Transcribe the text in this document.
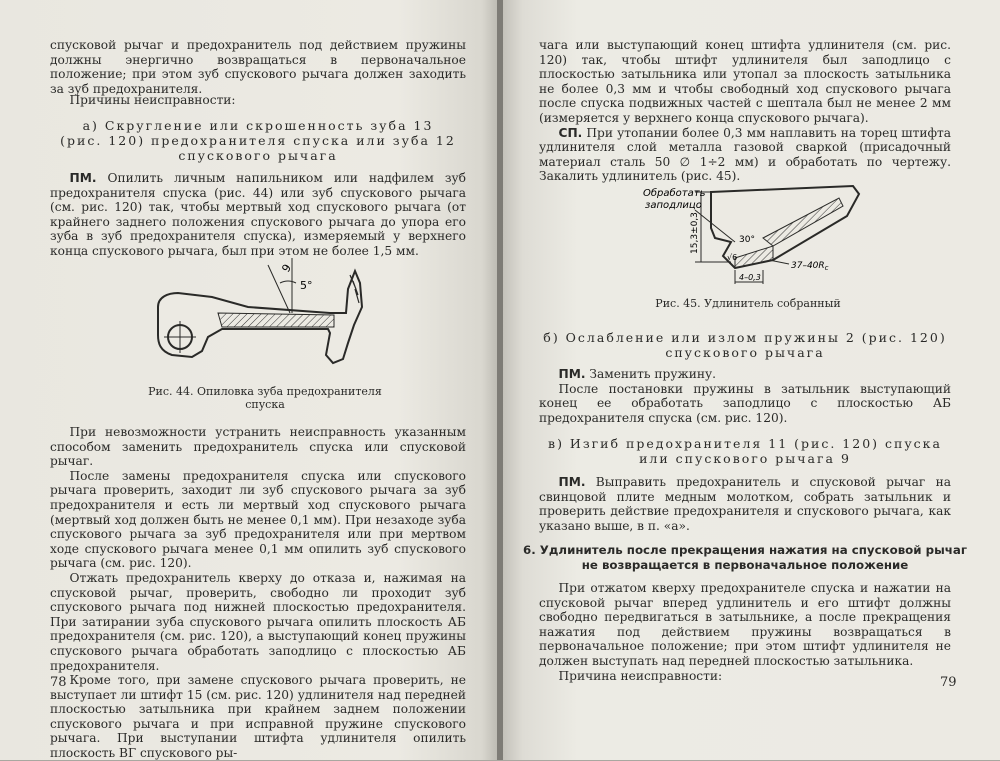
спусковой рычаг и предохранитель под действием пружины должны энергично возвращаться в первоначальное положение; при этом зуб спускового рычага должен заходить за зуб предохранителя.

Причины неисправности:

а) Скругление или скрошенность зуба 13
(рис. 120) предохранителя спуска или зуба 12
спускового рычага

ПМ. Опилить личным напильником или надфилем зуб предохранителя спуска (рис. 44) или зуб спускового рычага (см. рис. 120) так, чтобы мертвый ход спускового рычага (от крайнего заднего положения спускового рычага до упора его зуба в зуб предохранителя спуска), измеряемый у верхнего конца спускового рычага, был при этом не более 1,5 мм.

9
5°
Рис. 44. Опиловка зуба предохранителя
спуска

При невозможности устранить неисправность указанным способом заменить предохранитель спуска или спусковой рычаг.

После замены предохранителя спуска или спускового рычага проверить, заходит ли зуб спускового рычага за зуб предохранителя и есть ли мертвый ход спускового рычага (мертвый ход должен быть не менее 0,1 мм). При незаходе зуба спускового рычага за зуб предохранителя или при мертвом ходе спускового рычага менее 0,1 мм опилить зуб спускового рычага (см. рис. 120).

Отжать предохранитель кверху до отказа и, нажимая на спусковой рычаг, проверить, свободно ли проходит зуб спускового рычага под нижней плоскостью предохранителя. При затирании зуба спускового рычага опилить плоскость АБ предохранителя (см. рис. 120), а выступающий конец пружины спускового рычага обработать заподлицо с плоскостью АБ предохранителя.

Кроме того, при замене спускового рычага проверить, не выступает ли штифт 15 (см. рис. 120) удлинителя над передней плоскостью затыльника при крайнем заднем положении спускового рычага и при исправной пружине спускового рычага. При выступании штифта удлинителя опилить плоскость ВГ спускового ры-

78

чага или выступающий конец штифта удлинителя (см. рис. 120) так, чтобы штифт удлинителя был заподлицо с плоскостью затыльника или утопал за плоскость затыльника не более 0,3 мм и чтобы свободный ход спускового рычага после спуска подвижных частей с шептала был не менее 2 мм (измеряется у верхнего конца спускового рычага).

СП. При утопании более 0,3 мм наплавить на торец штифта удлинителя слой металла газовой сваркой (присадочный материал сталь 50 ∅ 1÷2 мм) и обработать по чертежу. Закалить удлинитель (рис. 45).

Обработать
заподлицо
15,3±0,3	30°
√6
$37-40R_c$
4–0,3
Рис. 45. Удлинитель собранный
б) Ослабление или излом пружины 2 (рис. 120)
спускового рычага

ПМ. Заменить пружину.

После постановки пружины в затыльник выступающий конец ее обработать заподлицо с плоскостью АБ предохранителя спуска (см. рис. 120).

в) Изгиб предохранителя 11 (рис. 120) спуска
или спускового рычага 9

ПМ. Выправить предохранитель и спусковой рычаг на свинцовой плите медным молотком, собрать затыльник и проверить действие предохранителя и спускового рычага, как указано выше, в п. «а».

6. Удлинитель после прекращения нажатия на спусковой рычаг
не возвращается в первоначальное положение

При отжатом кверху предохранителе спуска и нажатии на спусковой рычаг вперед удлинитель и его штифт должны свободно передвигаться в затыльнике, а после прекращения нажатия под действием пружины возвращаться в первоначальное положение; при этом штифт удлинителя не должен выступать над передней плоскостью затыльника.

Причина неисправности:	79
